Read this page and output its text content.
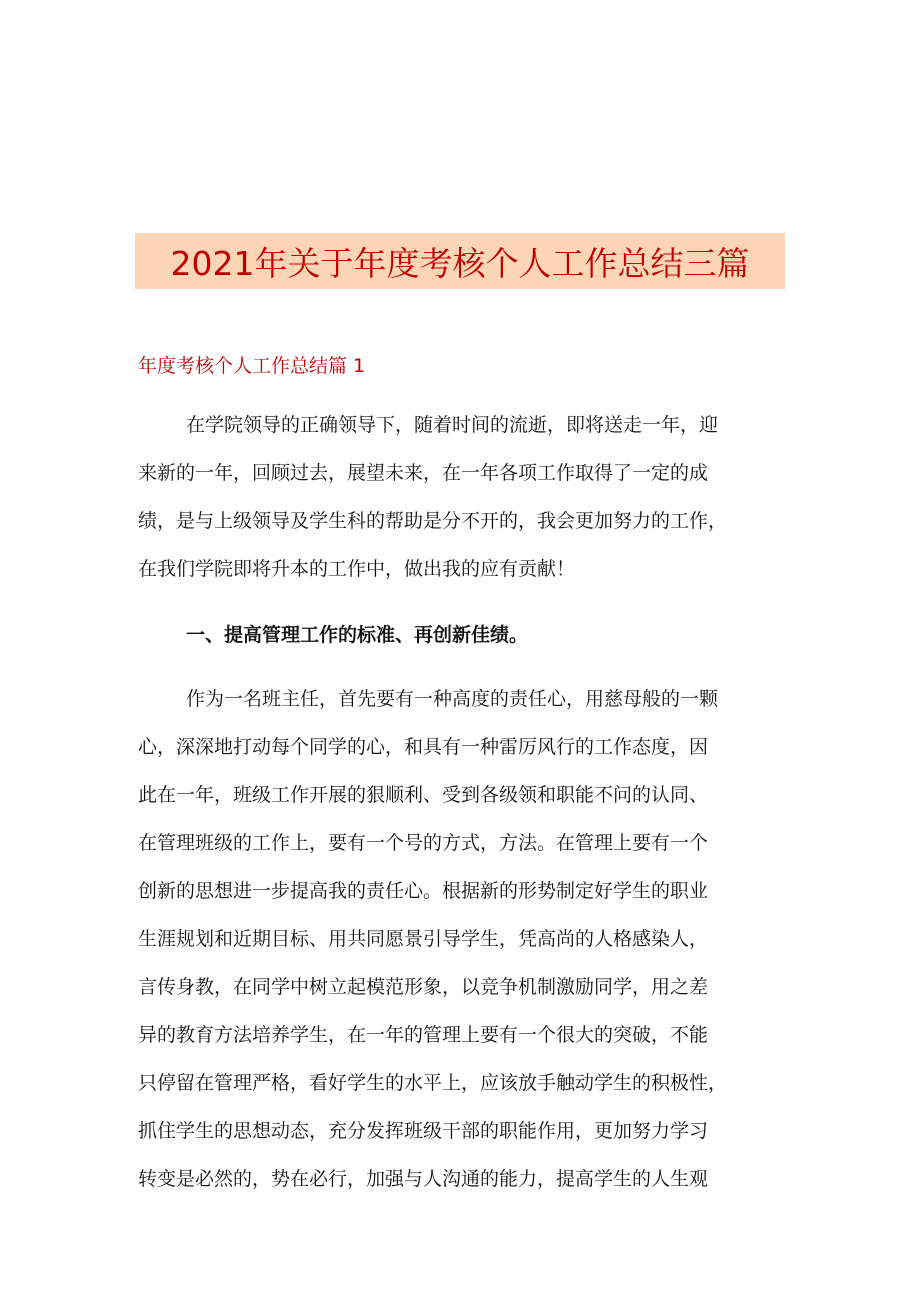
2021年关于年度考核个人工作总结三篇
年度考核个人工作总结篇 1
在学院领导的正确领导下，随着时间的流逝，即将送走一年，迎
来新的一年，回顾过去，展望未来，在一年各项工作取得了一定的成
绩，是与上级领导及学生科的帮助是分不开的，我会更加努力的工作，
在我们学院即将升本的工作中，做出我的应有贡献！
一、提高管理工作的标准、再创新佳绩。
作为一名班主任，首先要有一种高度的责任心，用慈母般的一颗
心，深深地打动每个同学的心，和具有一种雷厉风行的工作态度，因
此在一年，班级工作开展的狠顺利、受到各级领和职能不问的认同、
在管理班级的工作上，要有一个号的方式，方法。在管理上要有一个
创新的思想进一步提高我的责任心。根据新的形势制定好学生的职业
生涯规划和近期目标、用共同愿景引导学生，凭高尚的人格感染人，
言传身教，在同学中树立起模范形象，以竞争机制激励同学，用之差
异的教育方法培养学生，在一年的管理上要有一个很大的突破，不能
只停留在管理严格，看好学生的水平上，应该放手触动学生的积极性，
抓住学生的思想动态，充分发挥班级干部的职能作用，更加努力学习
转变是必然的，势在必行，加强与人沟通的能力，提高学生的人生观
